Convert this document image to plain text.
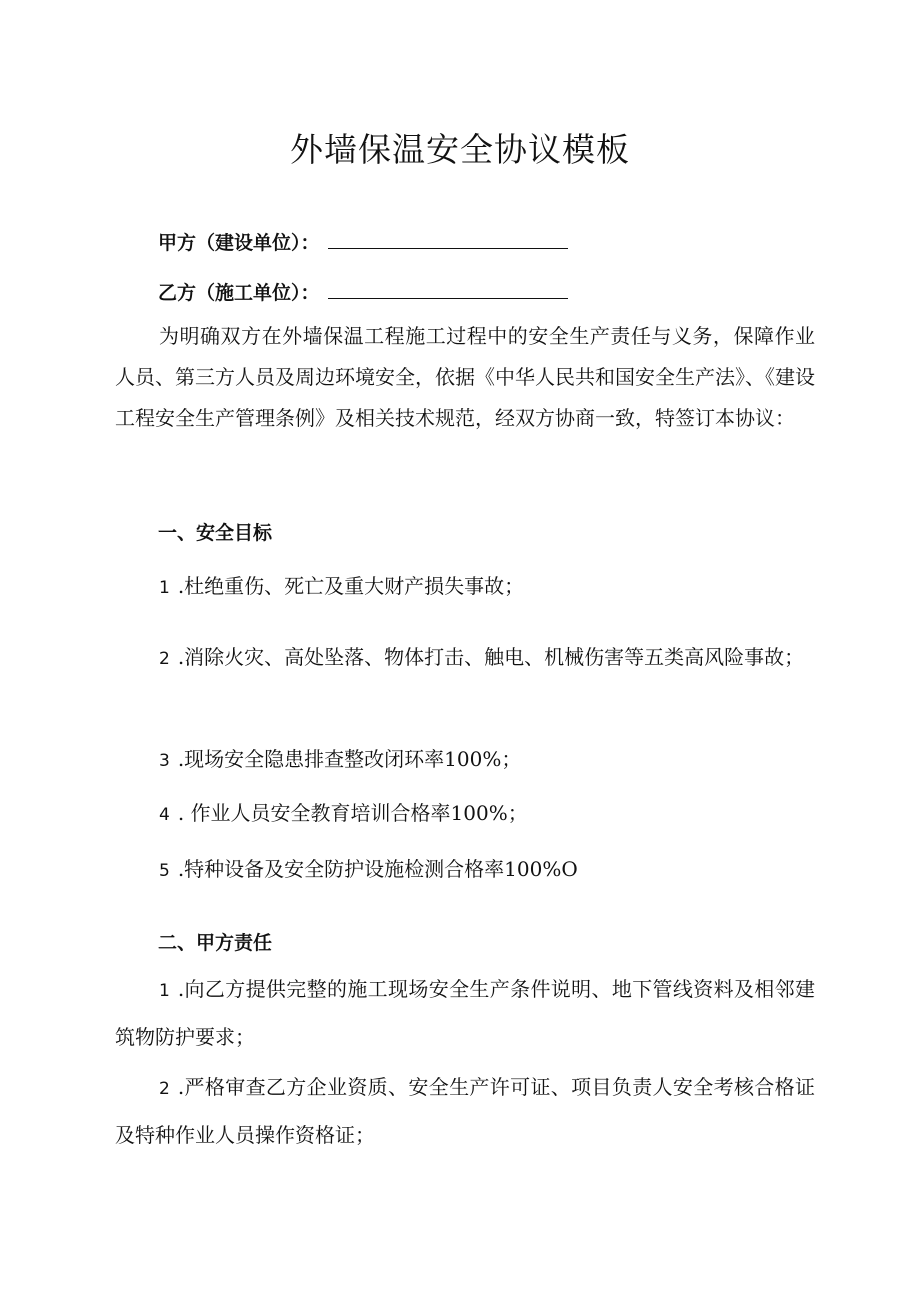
外墙保温安全协议模板
甲方（建设单位）：
乙方（施工单位）：

为明确双方在外墙保温工程施工过程中的安全生产责任与义务，保障作业人员、第三方人员及周边环境安全，依据《中华人民共和国安全生产法》、《建设工程安全生产管理条例》及相关技术规范，经双方协商一致，特签订本协议：

一、安全目标

1 .杜绝重伤、死亡及重大财产损失事故；

2 .消除火灾、高处坠落、物体打击、触电、机械伤害等五类高风险事故；

3 .现场安全隐患排查整改闭环率100%；

4 . 作业人员安全教育培训合格率100%；

5 .特种设备及安全防护设施检测合格率100%O

二、甲方责任

1 .向乙方提供完整的施工现场安全生产条件说明、地下管线资料及相邻建筑物防护要求；

2 .严格审查乙方企业资质、安全生产许可证、项目负责人安全考核合格证及特种作业人员操作资格证；
